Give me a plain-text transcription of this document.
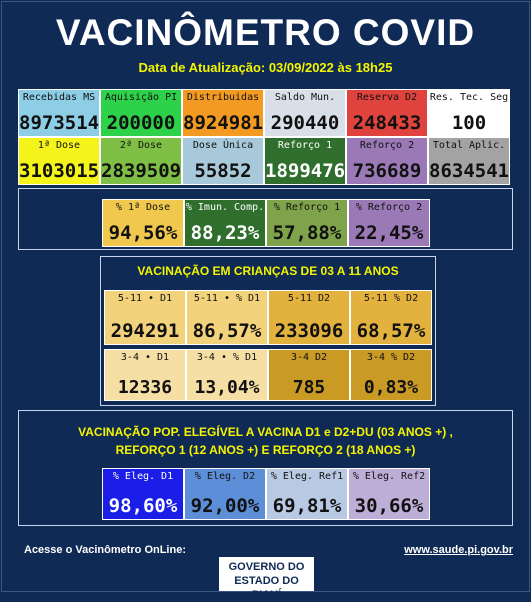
VACINÔMETRO COVID
Data de Atualização: 03/09/2022 às 18h25
Recebidas MS
8973514
Aquisição PI
200000
Distribuidas
8924981
Saldo Mun.
290440
Reserva D2
248433
Res. Tec. Seg
100
1ª Dose
3103015
2ª Dose
2839509
Dose Única
55852
Reforço 1
1899476
Reforço 2
736689
Total Aplic.
8634541
% 1ª Dose
94,56%
% Imun. Comp.
88,23%
% Reforço 1
57,88%
% Reforço 2
22,45%
VACINAÇÃO EM CRIANÇAS DE 03 A 11 ANOS
5-11 • D1
294291
5-11 • % D1
86,57%
5-11 D2
233096
5-11 % D2
68,57%
3-4 • D1
12336
3-4 • % D1
13,04%
3-4 D2
785
3-4 % D2
0,83%
VACINAÇÃO POP. ELEGÍVEL A VACINA D1 e D2+DU (03 ANOS +) ,
REFORÇO 1 (12 ANOS +) E REFORÇO 2 (18 ANOS +)
% Eleg. D1
98,60%
% Eleg. D2
92,00%
% Eleg. Ref1
69,81%
% Eleg. Ref2
30,66%
Acesse o Vacinômetro OnLine:	www.saude.pi.gov.br
GOVERNO DO
ESTADO DO PIAUÍ
